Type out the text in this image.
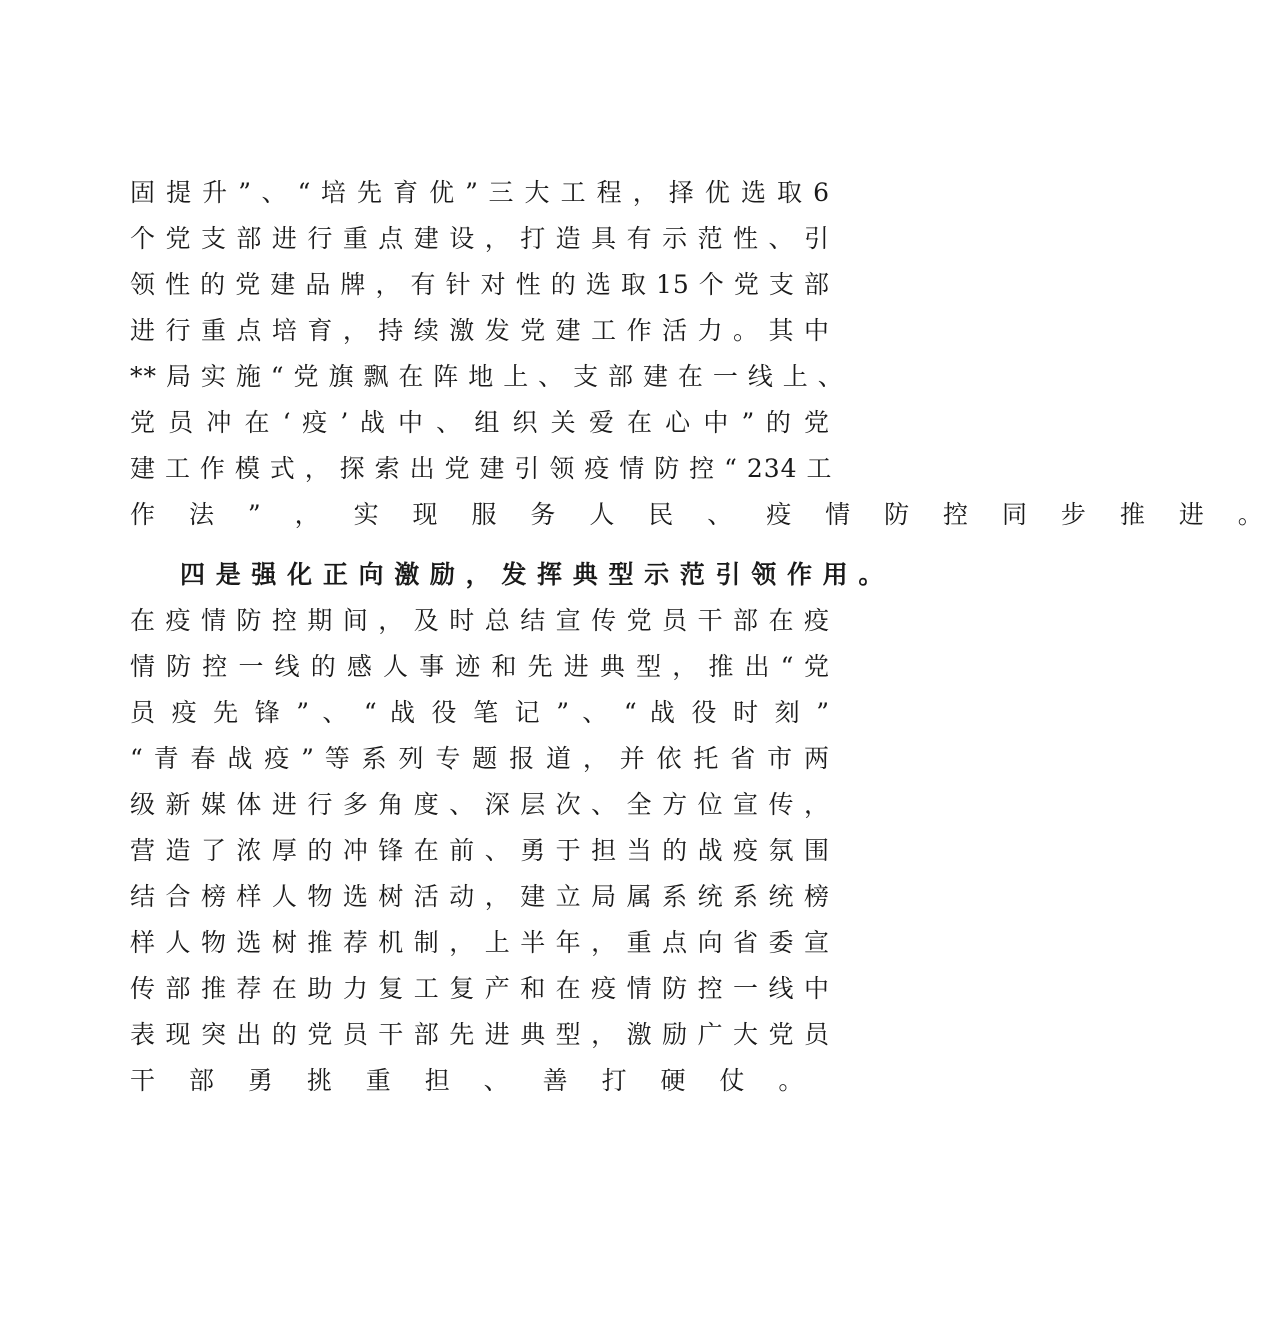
固 提 升 ” 、 “ 培 先 育 优 ” 三 大 工 程 ， 择 优 选 取 6
个 党 支 部 进 行 重 点 建 设 ， 打 造 具 有 示 范 性 、 引
领 性 的 党 建 品 牌 ， 有 针 对 性 的 选 取 15 个 党 支 部
进 行 重 点 培 育 ， 持 续 激 发 党 建 工 作 活 力 。 其 中
** 局 实 施 “ 党 旗 飘 在 阵 地 上 、 支 部 建 在 一 线 上 、
党 员 冲 在 ‘ 疫 ’ 战 中 、 组 织 关 爱 在 心 中 ” 的 党
建 工 作 模 式 ， 探 索 出 党 建 引 领 疫 情 防 控 “ 234 工
作 法 ” ， 实 现 服 务 人 民 、 疫 情 防 控 同 步 推 进 。
四 是 强 化 正 向 激 励 ， 发 挥 典 型 示 范 引 领 作 用 。
在 疫 情 防 控 期 间 ， 及 时 总 结 宣 传 党 员 干 部 在 疫
情 防 控 一 线 的 感 人 事 迹 和 先 进 典 型 ， 推 出 “ 党
员 疫 先 锋 ” 、 “ 战 役 笔 记 ” 、 “ 战 役 时 刻 ”
“ 青 春 战 疫 ” 等 系 列 专 题 报 道 ， 并 依 托 省 市 两
级 新 媒 体 进 行 多 角 度 、 深 层 次 、 全 方 位 宣 传 ，
营 造 了 浓 厚 的 冲 锋 在 前 、 勇 于 担 当 的 战 疫 氛 围
结 合 榜 样 人 物 选 树 活 动 ， 建 立 局 属 系 统 系 统 榜
样 人 物 选 树 推 荐 机 制 ， 上 半 年 ， 重 点 向 省 委 宣
传 部 推 荐 在 助 力 复 工 复 产 和 在 疫 情 防 控 一 线 中
表 现 突 出 的 党 员 干 部 先 进 典 型 ， 激 励 广 大 党 员
干 部 勇 挑 重 担 、 善 打 硬 仗 。
